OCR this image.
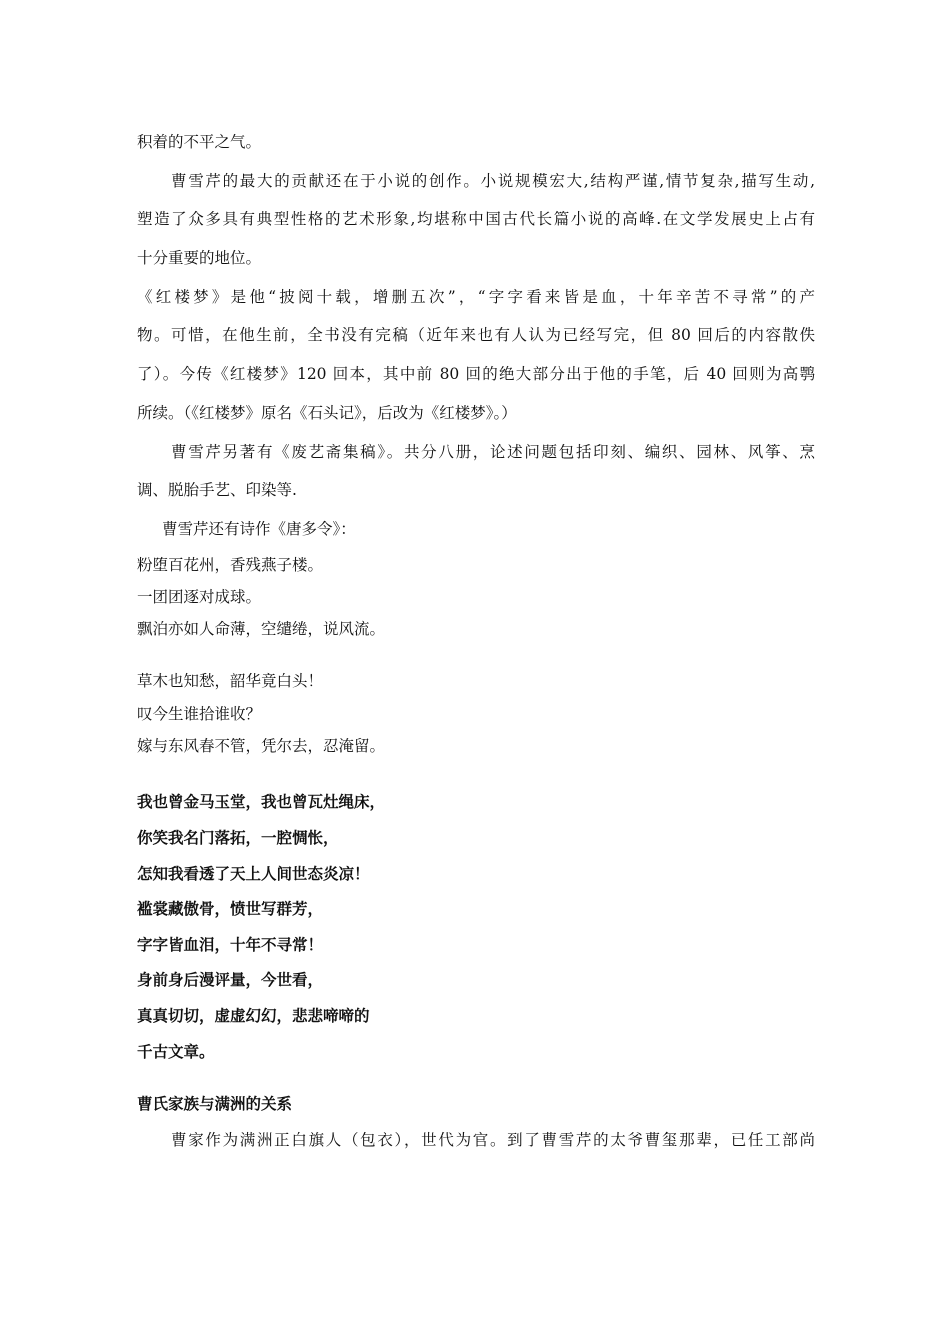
积着的不平之气。
曹雪芹的最大的贡献还在于小说的创作。小说规模宏大,结构严谨,情节复杂,描写生动,
塑造了众多具有典型性格的艺术形象,均堪称中国古代长篇小说的高峰.在文学发展史上占有
十分重要的地位。
《红楼梦》是他“披阅十载，增删五次”，“字字看来皆是血，十年辛苦不寻常”的产
物。可惜，在他生前，全书没有完稿（近年来也有人认为已经写完，但 80 回后的内容散佚
了）。今传《红楼梦》120 回本，其中前 80 回的绝大部分出于他的手笔，后 40 回则为高鹗
所续。（《红楼梦》原名《石头记》，后改为《红楼梦》。）
曹雪芹另著有《废艺斋集稿》。共分八册，论述问题包括印刻、编织、园林、风筝、烹
调、脱胎手艺、印染等.
曹雪芹还有诗作《唐多令》：
粉堕百花州，香残燕子楼。
一团团逐对成球。
飘泊亦如人命薄，空缱绻，说风流。
草木也知愁，韶华竟白头！
叹今生谁拾谁收？
嫁与东风春不管，凭尔去，忍淹留。
我也曾金马玉堂，我也曾瓦灶绳床，
你笑我名门落拓，一腔惆怅，
怎知我看透了天上人间世态炎凉！
褴裳藏傲骨，愤世写群芳，
字字皆血泪，十年不寻常！
身前身后漫评量，今世看，
真真切切，虚虚幻幻，悲悲啼啼的
千古文章。
曹氏家族与满洲的关系
曹家作为满洲正白旗人（包衣），世代为官。到了曹雪芹的太爷曹玺那辈，已任工部尚
